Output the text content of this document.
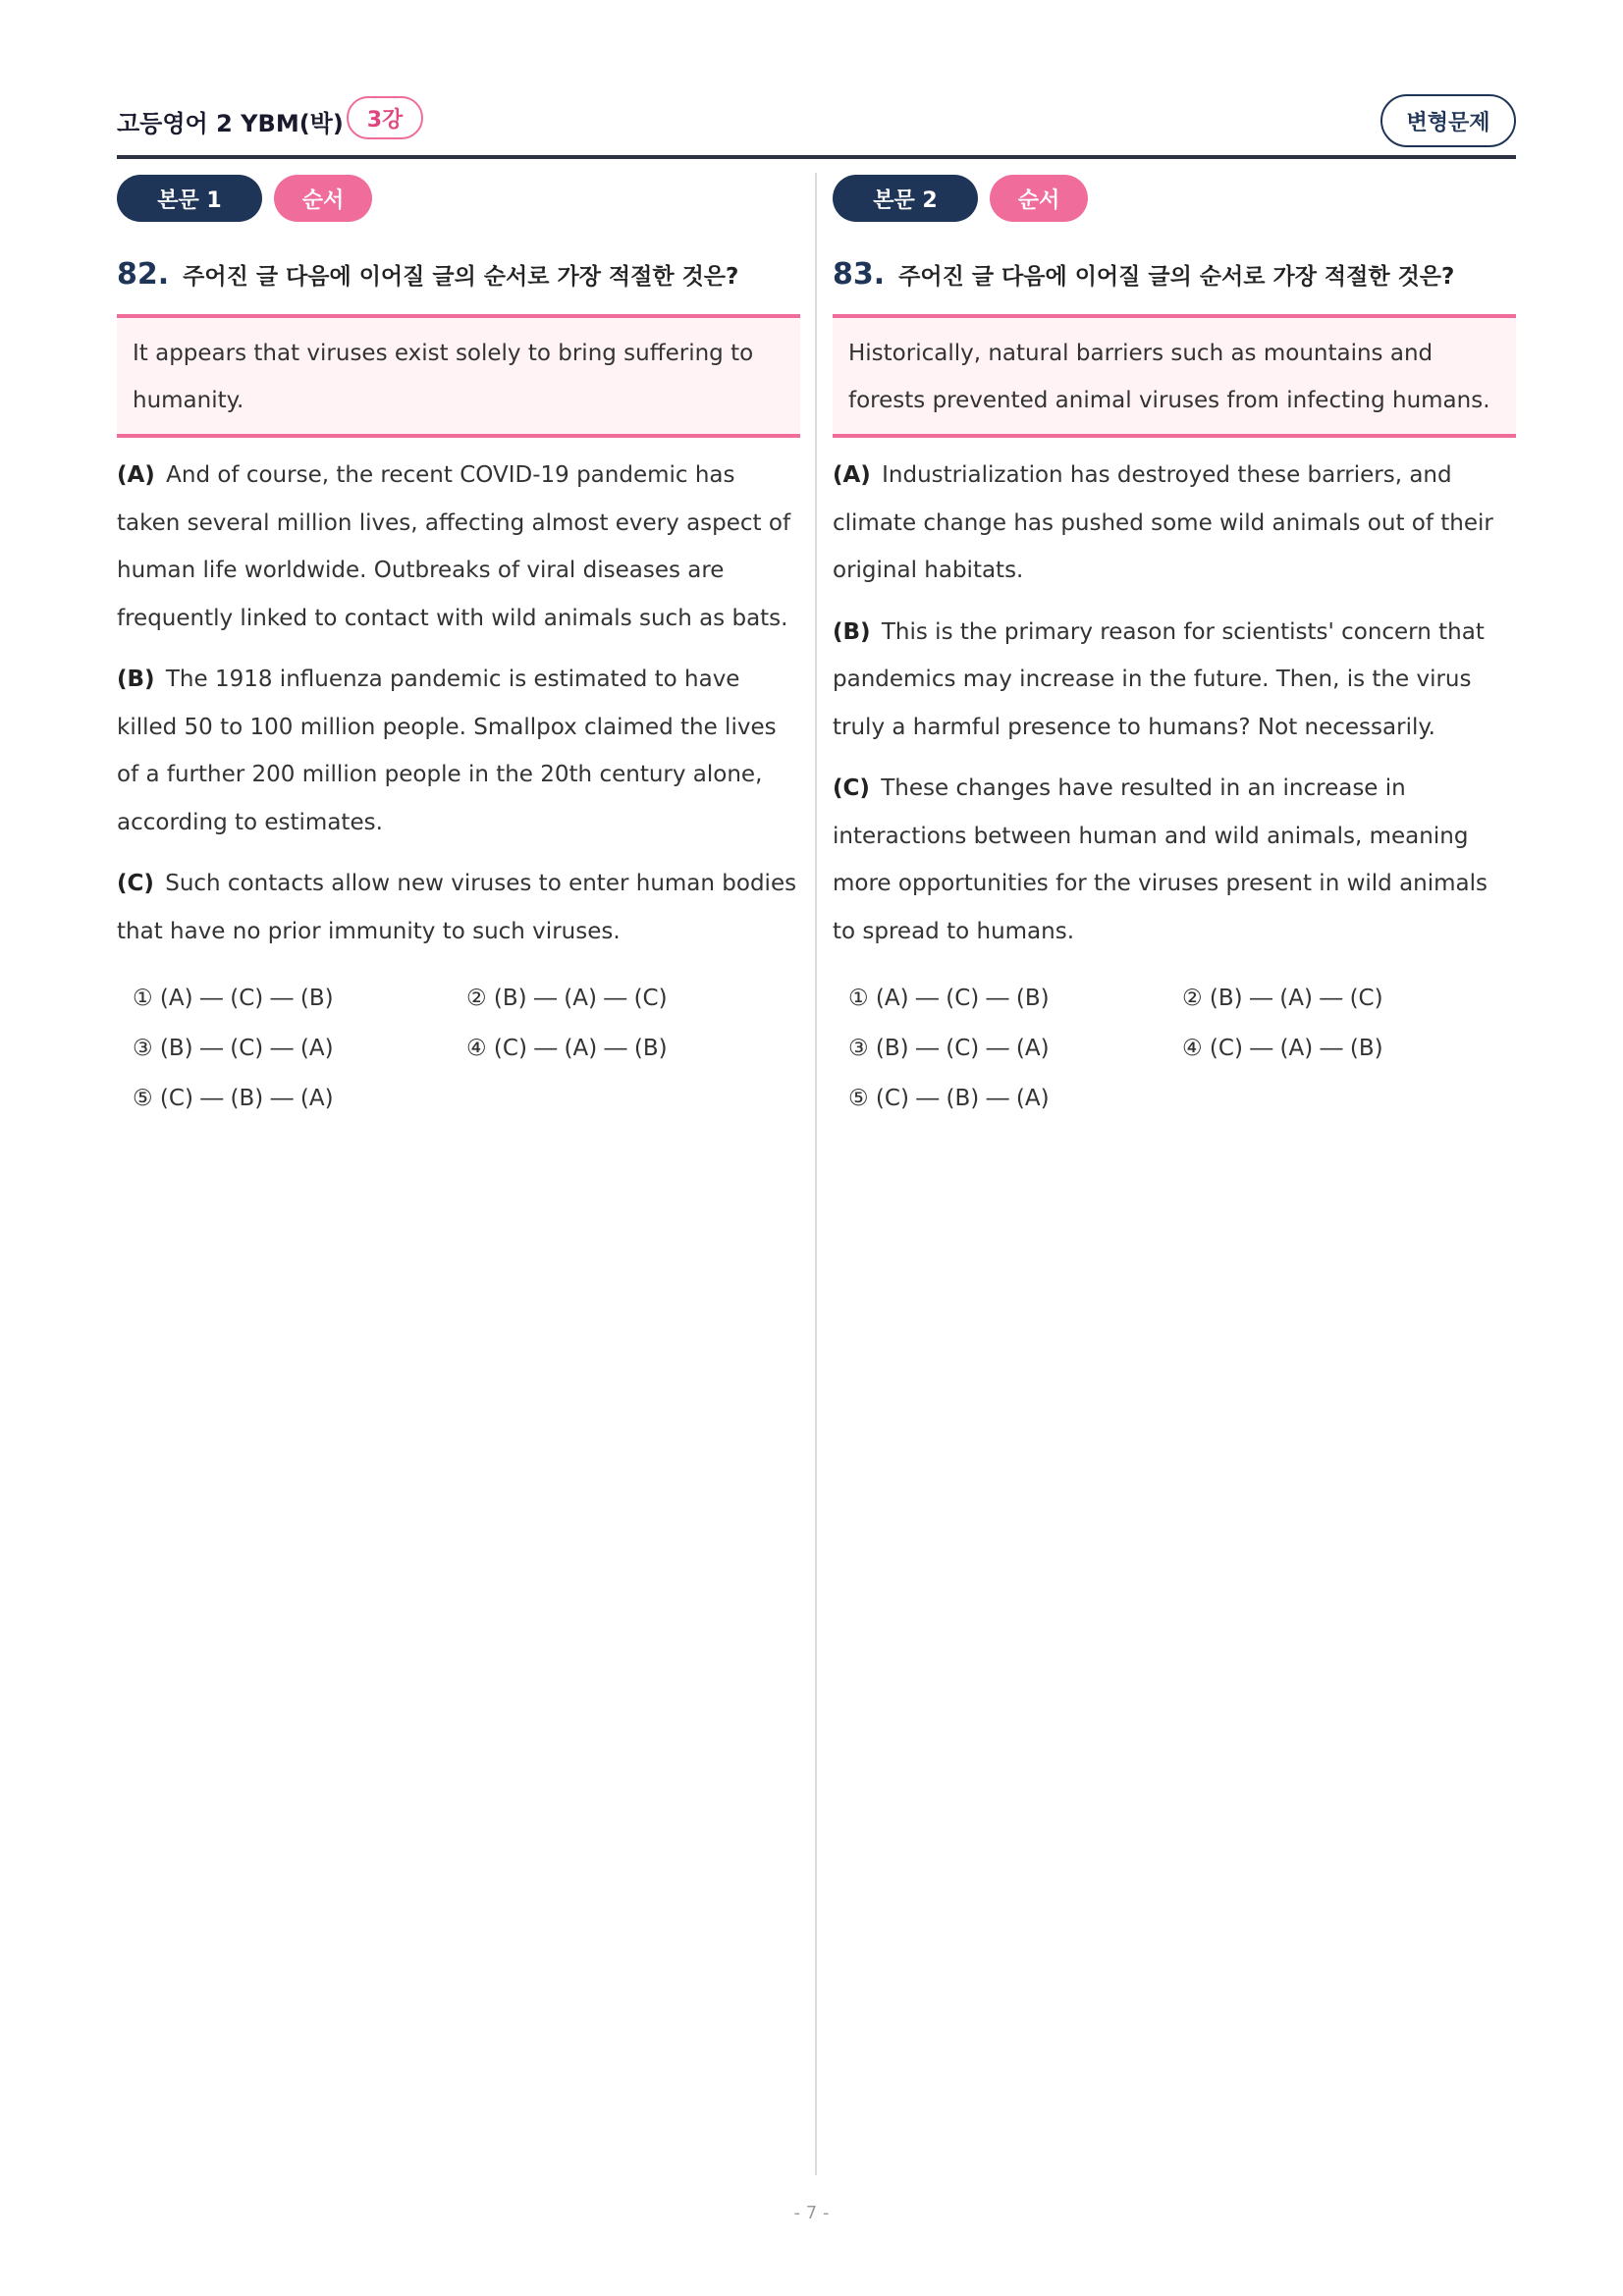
고등영어 2 YBM(박)	3강	변형문제
본문 1	순서
82. 주어진 글 다음에 이어질 글의 순서로 가장 적절한 것은?
It appears that viruses exist solely to bring suffering to humanity.
(A) And of course, the recent COVID-19 pandemic has taken several million lives, affecting almost every aspect of human life worldwide. Outbreaks of viral diseases are frequently linked to contact with wild animals such as bats.
(B) The 1918 influenza pandemic is estimated to have killed 50 to 100 million people. Smallpox claimed the lives of a further 200 million people in the 20th century alone, according to estimates.
(C) Such contacts allow new viruses to enter human bodies that have no prior immunity to such viruses.
① (A) ― (C) ― (B)	② (B) ― (A) ― (C)
③ (B) ― (C) ― (A)	④ (C) ― (A) ― (B)
⑤ (C) ― (B) ― (A)
본문 2	순서
83. 주어진 글 다음에 이어질 글의 순서로 가장 적절한 것은?
Historically, natural barriers such as mountains and forests prevented animal viruses from infecting humans.
(A) Industrialization has destroyed these barriers, and climate change has pushed some wild animals out of their original habitats.
(B) This is the primary reason for scientists' concern that pandemics may increase in the future. Then, is the virus truly a harmful presence to humans? Not necessarily.
(C) These changes have resulted in an increase in interactions between human and wild animals, meaning more opportunities for the viruses present in wild animals to spread to humans.
① (A) ― (C) ― (B)	② (B) ― (A) ― (C)
③ (B) ― (C) ― (A)	④ (C) ― (A) ― (B)
⑤ (C) ― (B) ― (A)
- 7 -
